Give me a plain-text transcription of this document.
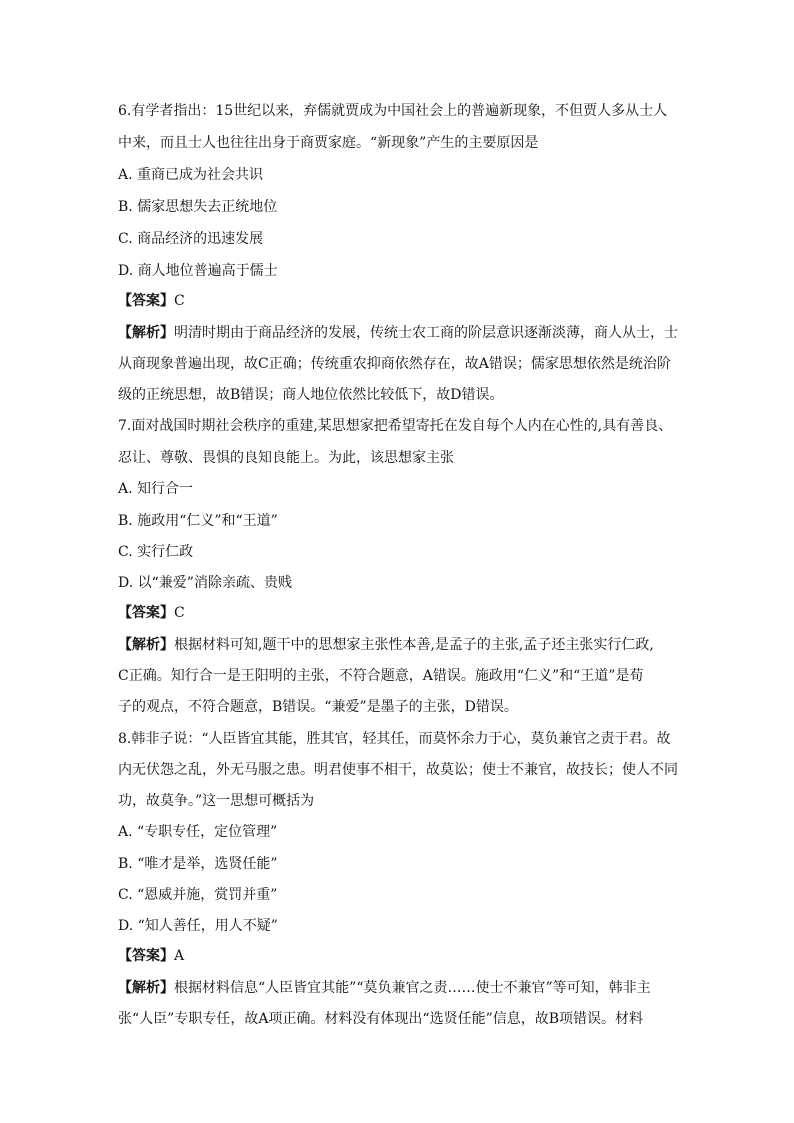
6.有学者指出：15世纪以来，弃儒就贾成为中国社会上的普遍新现象，不但贾人多从士人
中来，而且士人也往往出身于商贾家庭。“新现象”产生的主要原因是
A. 重商已成为社会共识
B. 儒家思想失去正统地位
C. 商品经济的迅速发展
D. 商人地位普遍高于儒士
【答案】C
【解析】明清时期由于商品经济的发展，传统士农工商的阶层意识逐渐淡薄，商人从士，士
从商现象普遍出现，故C正确；传统重农抑商依然存在，故A错误；儒家思想依然是统治阶
级的正统思想，故B错误；商人地位依然比较低下，故D错误。
7.面对战国时期社会秩序的重建,某思想家把希望寄托在发自每个人内在心性的,具有善良、
忍让、尊敬、畏惧的良知良能上。为此，该思想家主张
A. 知行合一
B. 施政用“仁义”和“王道”
C. 实行仁政
D. 以“兼爱”消除亲疏、贵贱
【答案】C
【解析】根据材料可知,题干中的思想家主张性本善,是孟子的主张,孟子还主张实行仁政,
C正确。知行合一是王阳明的主张，不符合题意，A错误。施政用“仁义”和“王道”是荀
子的观点，不符合题意，B错误。“兼爱”是墨子的主张，D错误。
8.韩非子说：“人臣皆宜其能，胜其官，轻其任，而莫怀余力于心，莫负兼官之责于君。故
内无伏怨之乱，外无马服之患。明君使事不相干，故莫讼；使士不兼官，故技长；使人不同
功，故莫争。”这一思想可概括为
A. “专职专任，定位管理”
B. “唯才是举，选贤任能”
C. “恩威并施，赏罚并重”
D. “知人善任，用人不疑”
【答案】A
【解析】根据材料信息“人臣皆宜其能”“莫负兼官之责……使士不兼官”等可知，韩非主
张“人臣”专职专任，故A项正确。材料没有体现出“选贤任能”信息，故B项错误。材料
